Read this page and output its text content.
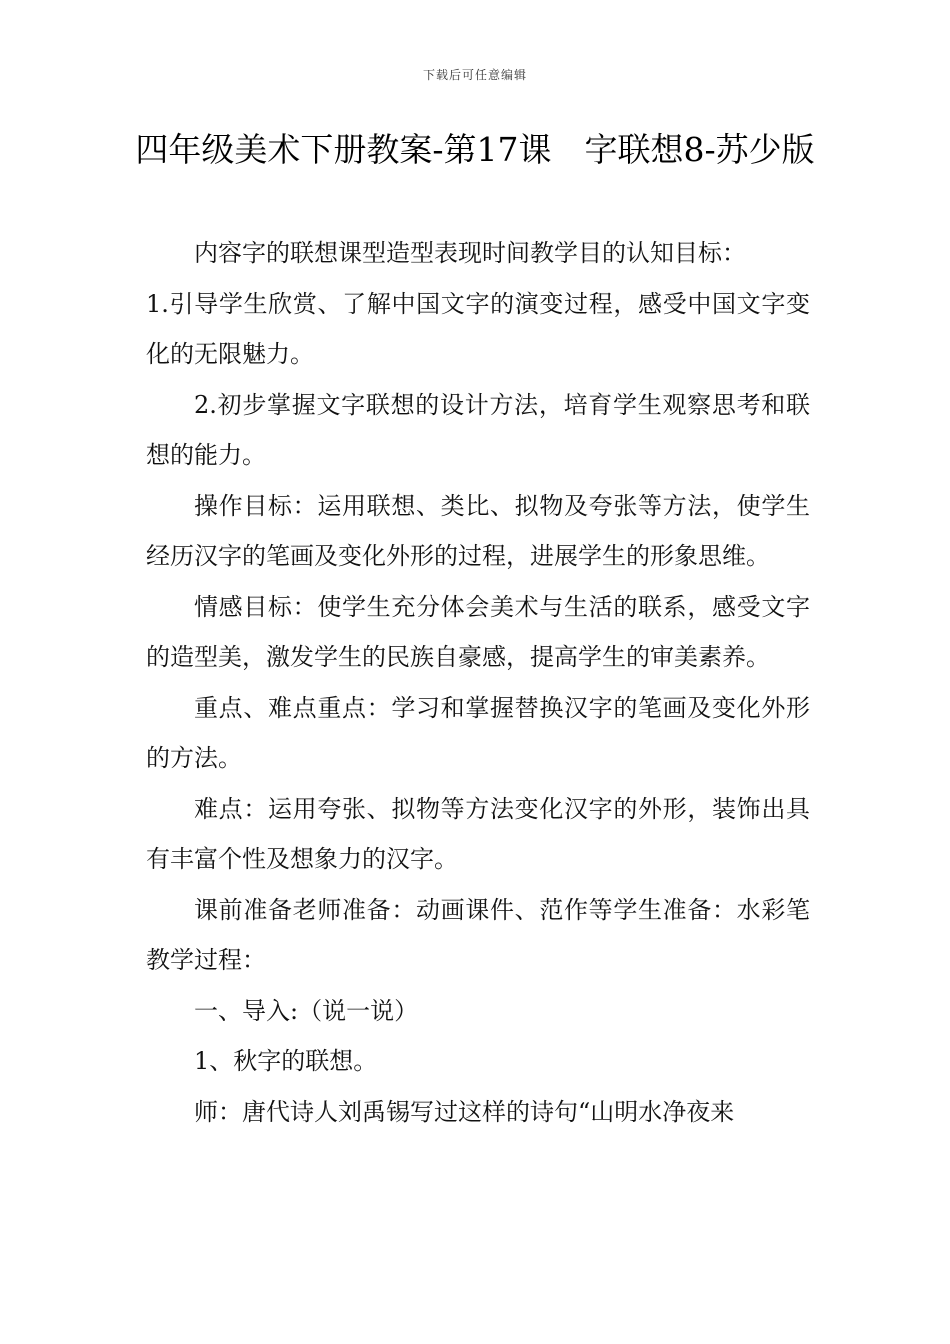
下载后可任意编辑
四年级美术下册教案-第17课　字联想8-苏少版

内容字的联想课型造型表现时间教学目的认知目标：

1.引导学生欣赏、了解中国文字的演变过程，感受中国文字变化的无限魅力。

2.初步掌握文字联想的设计方法，培育学生观察思考和联想的能力。

操作目标：运用联想、类比、拟物及夸张等方法，使学生经历汉字的笔画及变化外形的过程，进展学生的形象思维。

情感目标：使学生充分体会美术与生活的联系，感受文字的造型美，激发学生的民族自豪感，提高学生的审美素养。

重点、难点重点：学习和掌握替换汉字的笔画及变化外形的方法。

难点：运用夸张、拟物等方法变化汉字的外形，装饰出具有丰富个性及想象力的汉字。

课前准备老师准备：动画课件、范作等学生准备：水彩笔教学过程：

一、导入:（说一说）

1、秋字的联想。

师：唐代诗人刘禹锡写过这样的诗句“山明水净夜来
